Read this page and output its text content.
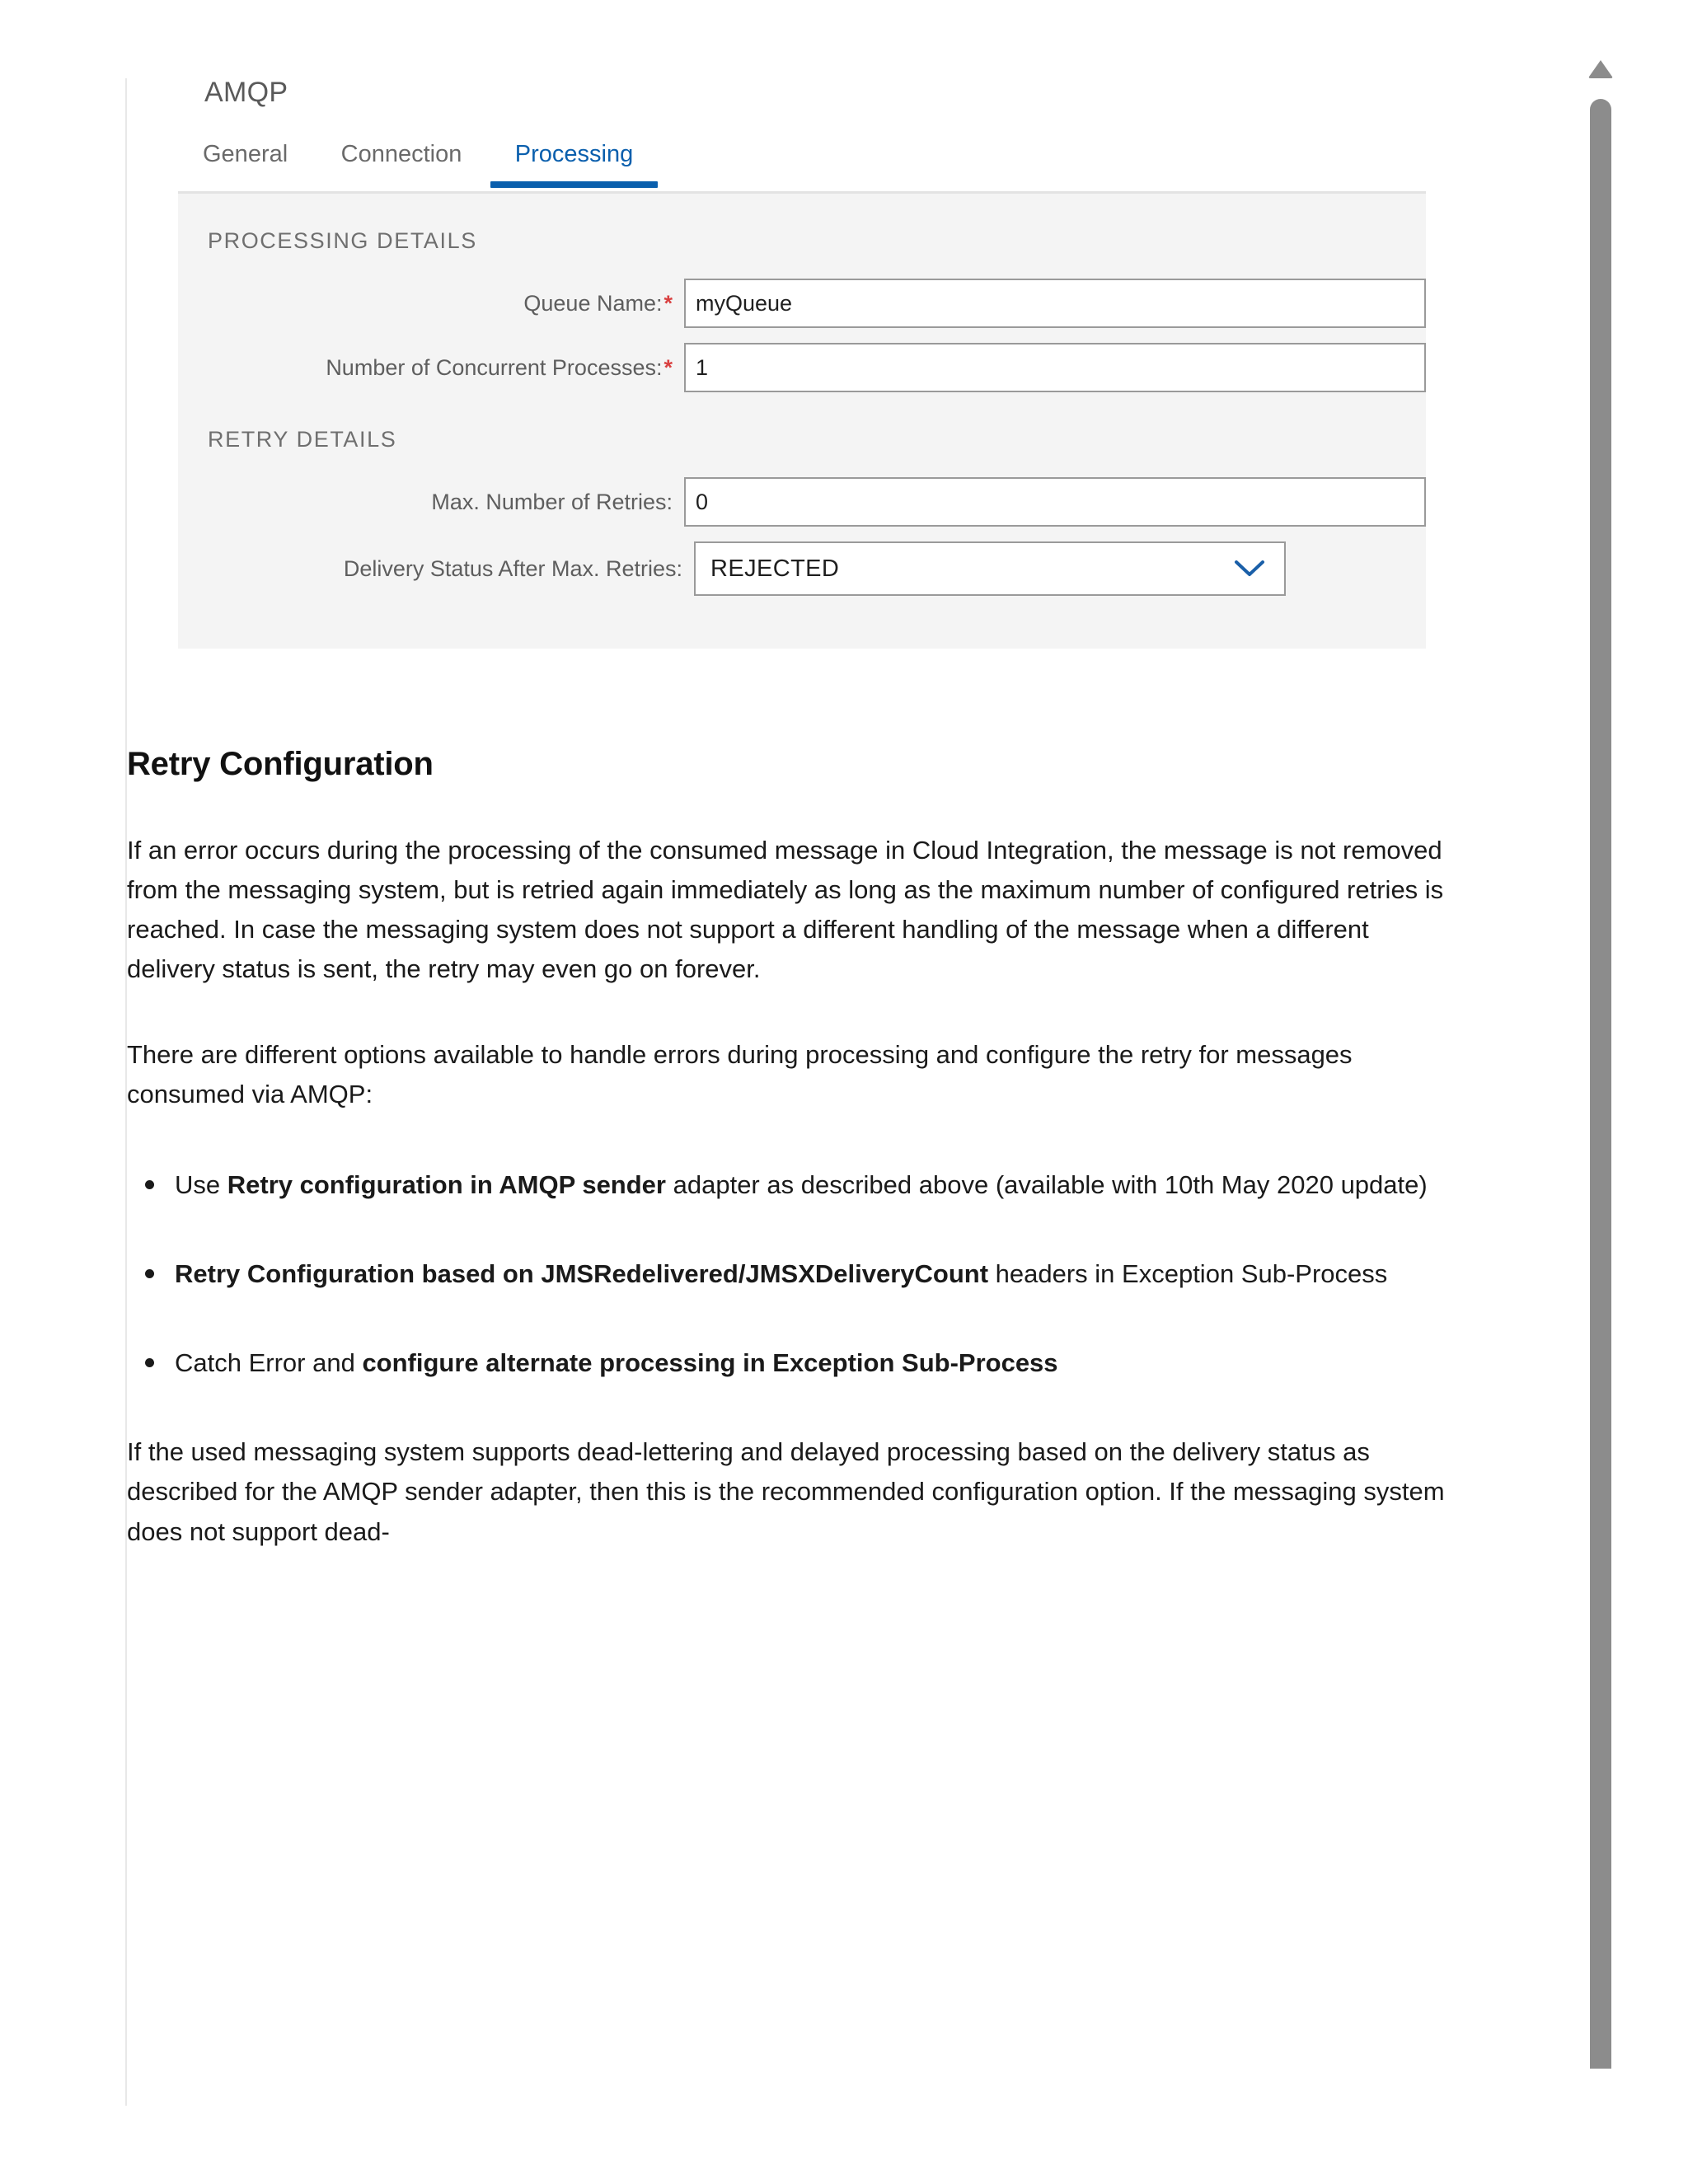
AMQP
General Connection Processing
PROCESSING DETAILS
Queue Name:*
myQueue
Number of Concurrent Processes:*
1
RETRY DETAILS
Max. Number of Retries:
0
Delivery Status After Max. Retries:	REJECTED
Retry Configuration

If an error occurs during the processing of the consumed message in Cloud Integration, the message is not removed from the messaging system, but is retried again immediately as long as the maximum number of configured retries is reached. In case the messaging system does not support a different handling of the message when a different delivery status is sent, the retry may even go on forever.

There are different options available to handle errors during processing and configure the retry for messages consumed via AMQP:

Use Retry configuration in AMQP sender adapter as described above (available with 10th May 2020 update)
Retry Configuration based on JMSRedelivered/JMSXDeliveryCount headers in Exception Sub-Process
Catch Error and configure alternate processing in Exception Sub-Process

If the used messaging system supports dead-lettering and delayed processing based on the delivery status as described for the AMQP sender adapter, then this is the recommended configuration option. If the messaging system does not support dead-
